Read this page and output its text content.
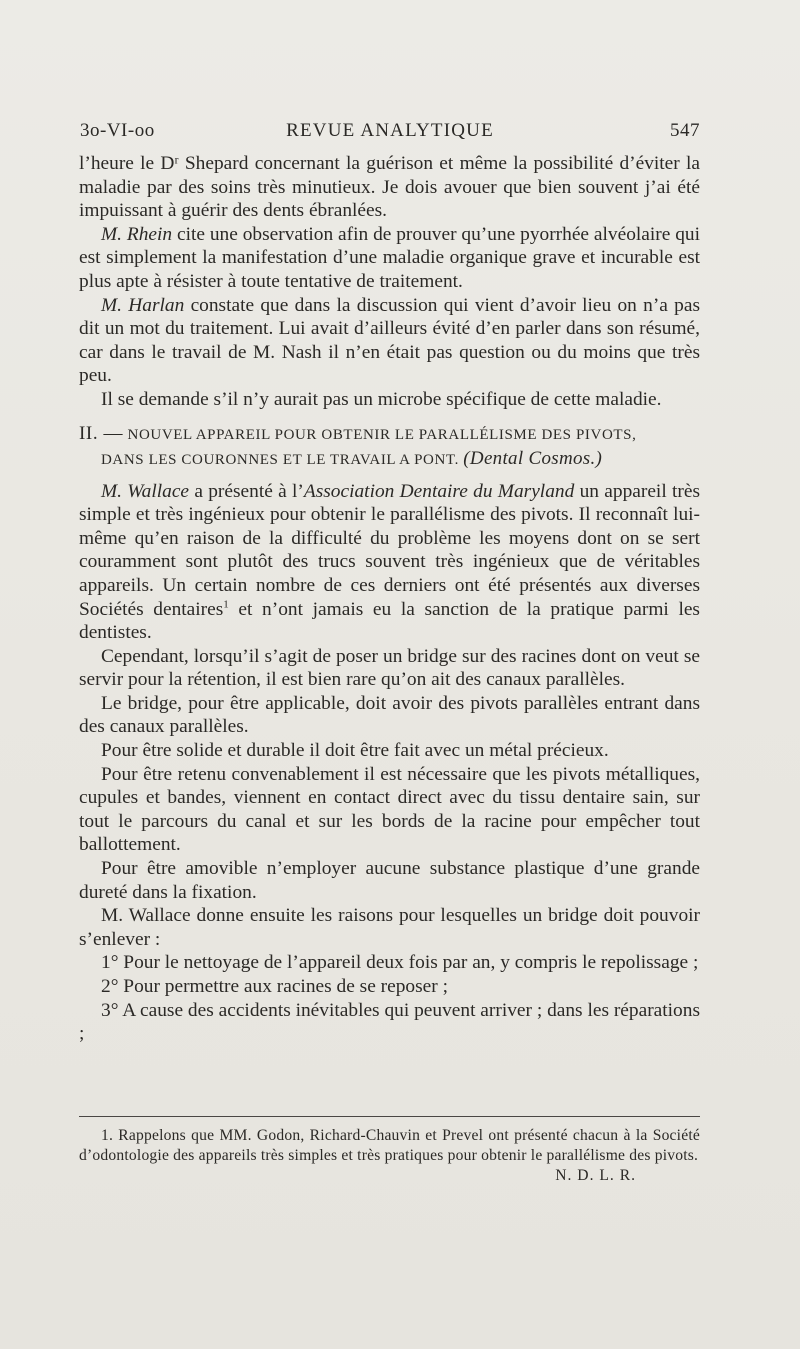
3o-VI-oo	REVUE ANALYTIQUE	547

l’heure le Dʳ Shepard concernant la guérison et même la possibilité d’éviter la maladie par des soins très minutieux. Je dois avouer que bien souvent j’ai été impuissant à guérir des dents ébranlées.

M. Rhein cite une observation afin de prouver qu’une pyorrhée alvéolaire qui est simplement la manifestation d’une maladie organique grave et incurable est plus apte à résister à toute tentative de traitement.

M. Harlan constate que dans la discussion qui vient d’avoir lieu on n’a pas dit un mot du traitement. Lui avait d’ailleurs évité d’en parler dans son résumé, car dans le travail de M. Nash il n’en était pas question ou du moins que très peu.

Il se demande s’il n’y aurait pas un microbe spécifique de cette maladie.

II. — NOUVEL APPAREIL POUR OBTENIR LE PARALLÉLISME DES PIVOTS,
DANS LES COURONNES ET LE TRAVAIL A PONT. (Dental Cosmos.)

M. Wallace a présenté à l’Association Dentaire du Maryland un appareil très simple et très ingénieux pour obtenir le parallélisme des pivots. Il reconnaît lui-même qu’en raison de la difficulté du problème les moyens dont on se sert couramment sont plutôt des trucs souvent très ingénieux que de véritables appareils. Un certain nombre de ces derniers ont été présentés aux diverses Sociétés dentaires$^1$ et n’ont jamais eu la sanction de la pratique parmi les dentistes.

Cependant, lorsqu’il s’agit de poser un bridge sur des racines dont on veut se servir pour la rétention, il est bien rare qu’on ait des canaux parallèles.

Le bridge, pour être applicable, doit avoir des pivots parallèles entrant dans des canaux parallèles.

Pour être solide et durable il doit être fait avec un métal précieux.

Pour être retenu convenablement il est nécessaire que les pivots métalliques, cupules et bandes, viennent en contact direct avec du tissu dentaire sain, sur tout le parcours du canal et sur les bords de la racine pour empêcher tout ballottement.

Pour être amovible n’employer aucune substance plastique d’une grande dureté dans la fixation.

M. Wallace donne ensuite les raisons pour lesquelles un bridge doit pouvoir s’enlever :

1° Pour le nettoyage de l’appareil deux fois par an, y compris le repolissage ;

2° Pour permettre aux racines de se reposer ;

3° A cause des accidents inévitables qui peuvent arriver ; dans les réparations ;

1. Rappelons que MM. Godon, Richard-Chauvin et Prevel ont présenté chacun à la Société d’odontologie des appareils très simples et très pratiques pour obtenir le parallélisme des pivots.
N. D. L. R.
